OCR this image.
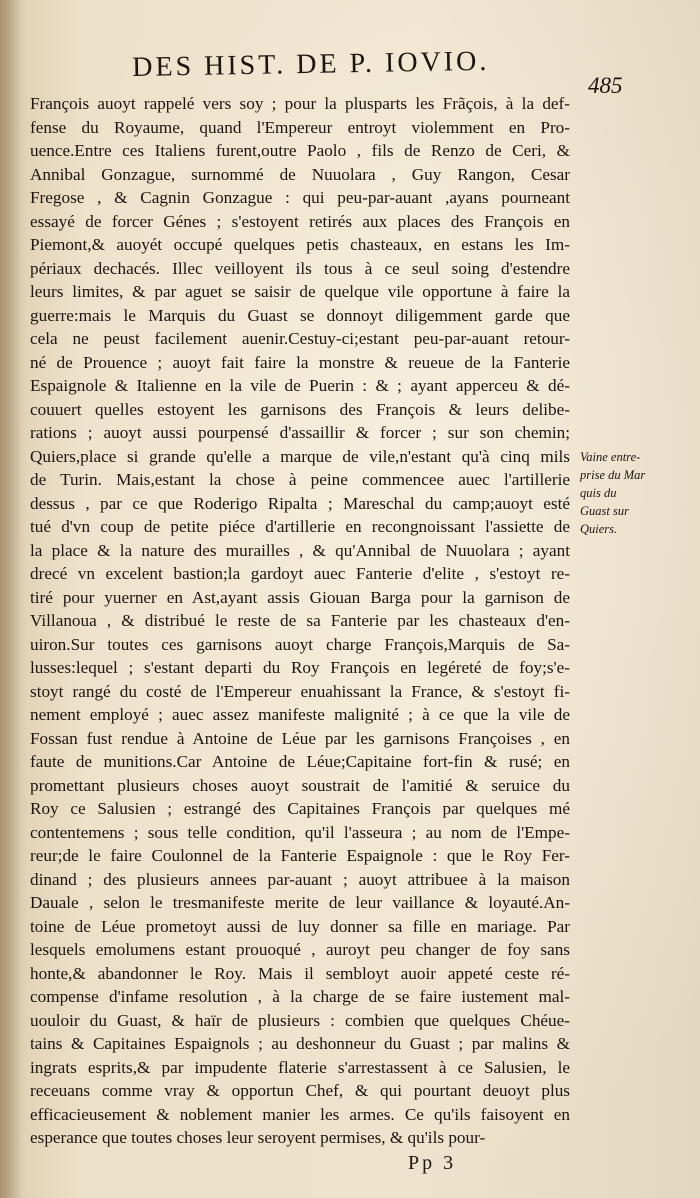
DES HIST. DE P. IOVIO.
485
François auoyt rappelé vers soy ; pour la plusparts les Frãçois, à la def-
fense du Royaume, quand l'Empereur entroyt violemment en Pro-
uence.Entre ces Italiens furent,outre Paolo , fils de Renzo de Ceri, &
Annibal Gonzague, surnommé de Nuuolara , Guy Rangon, Cesar
Fregose , & Cagnin Gonzague : qui peu-par-auant ,ayans pourneant
essayé de forcer Génes ; s'estoyent retirés aux places des François en
Piemont,& auoyét occupé quelques petis chasteaux, en estans les Im-
périaux dechacés. Illec veilloyent ils tous à ce seul soing d'estendre
leurs limites, & par aguet se saisir de quelque vile opportune à faire la
guerre:mais le Marquis du Guast se donnoyt diligemment garde que
cela ne peust facilement auenir.Cestuy-ci;estant peu-par-auant retour-
né de Prouence ; auoyt fait faire la monstre & reueue de la Fanterie
Espaignole & Italienne en la vile de Puerin : & ; ayant apperceu & dé-
couuert quelles estoyent les garnisons des François & leurs delibe-
rations ; auoyt aussi pourpensé d'assaillir & forcer ; sur son chemin;
Quiers,place si grande qu'elle a marque de vile,n'estant qu'à cinq mils
de Turin. Mais,estant la chose à peine commencee auec l'artillerie
dessus , par ce que Roderigo Ripalta ; Mareschal du camp;auoyt esté
tué d'vn coup de petite piéce d'artillerie en recongnoissant l'assiette de
la place & la nature des murailles , & qu'Annibal de Nuuolara ; ayant
drecé vn excelent bastion;la gardoyt auec Fanterie d'elite , s'estoyt re-
tiré pour yuerner en Ast,ayant assis Giouan Barga pour la garnison de
Villanoua , & distribué le reste de sa Fanterie par les chasteaux d'en-
uiron.Sur toutes ces garnisons auoyt charge François,Marquis de Sa-
lusses:lequel ; s'estant departi du Roy François en legéreté de foy;s'e-
stoyt rangé du costé de l'Empereur enuahissant la France, & s'estoyt fi-
nement employé ; auec assez manifeste malignité ; à ce que la vile de
Fossan fust rendue à Antoine de Léue par les garnisons Françoises , en
faute de munitions.Car Antoine de Léue;Capitaine fort-fin & rusé; en
promettant plusieurs choses auoyt soustrait de l'amitié & seruice du
Roy ce Salusien ; estrangé des Capitaines François par quelques mé
contentemens ; sous telle condition, qu'il l'asseura ; au nom de l'Empe-
reur;de le faire Coulonnel de la Fanterie Espaignole : que le Roy Fer-
dinand ; des plusieurs annees par-auant ; auoyt attribuee à la maison
Dauale , selon le tresmanifeste merite de leur vaillance & loyauté.An-
toine de Léue prometoyt aussi de luy donner sa fille en mariage. Par
lesquels emolumens estant prouoqué , auroyt peu changer de foy sans
honte,& abandonner le Roy. Mais il sembloyt auoir appeté ceste ré-
compense d'infame resolution , à la charge de se faire iustement mal-
uouloir du Guast, & haïr de plusieurs : combien que quelques Chéue-
tains & Capitaines Espaignols ; au deshonneur du Guast ; par malins &
ingrats esprits,& par impudente flaterie s'arrestassent à ce Salusien, le
receuans comme vray & opportun Chef, & qui pourtant deuoyt plus
efficacieusement & noblement manier les armes. Ce qu'ils faisoyent en
esperance que toutes choses leur seroyent permises, & qu'ils pour-
Vaine entre-
prise du Mar
quis du
Guast sur
Quiers.
Pp 3
